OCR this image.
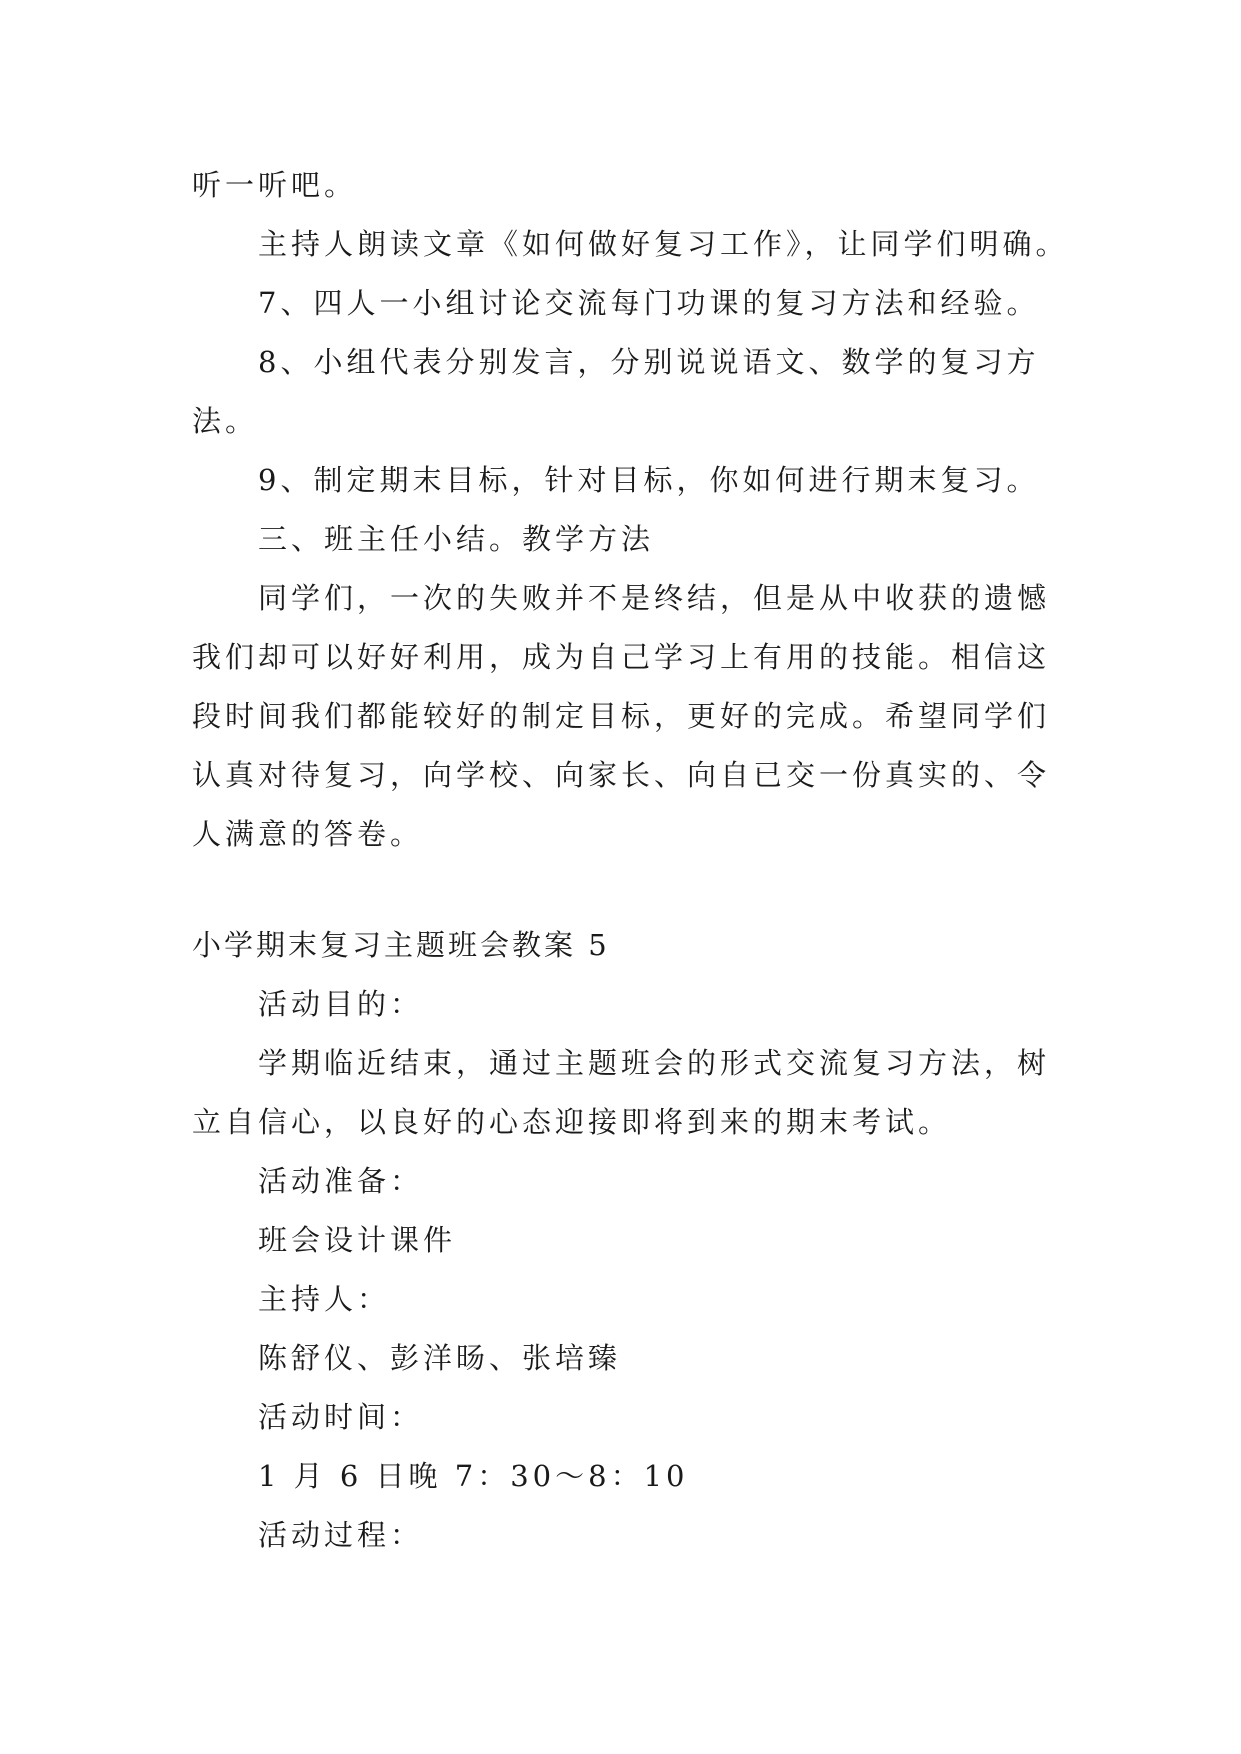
听一听吧。
主持人朗读文章《如何做好复习工作》，让同学们明确。
7、四人一小组讨论交流每门功课的复习方法和经验。
8、小组代表分别发言，分别说说语文、数学的复习方
法。
9、制定期末目标，针对目标，你如何进行期末复习。
三、班主任小结。教学方法
同学们，一次的失败并不是终结，但是从中收获的遗憾
我们却可以好好利用，成为自己学习上有用的技能。相信这
段时间我们都能较好的制定目标，更好的完成。希望同学们
认真对待复习，向学校、向家长、向自已交一份真实的、令
人满意的答卷。
小学期末复习主题班会教案 5
活动目的：
学期临近结束，通过主题班会的形式交流复习方法，树
立自信心，以良好的心态迎接即将到来的期末考试。
活动准备：
班会设计课件
主持人：
陈舒仪、彭洋旸、张培臻
活动时间：
1 月 6 日晚 7：30～8：10
活动过程：
